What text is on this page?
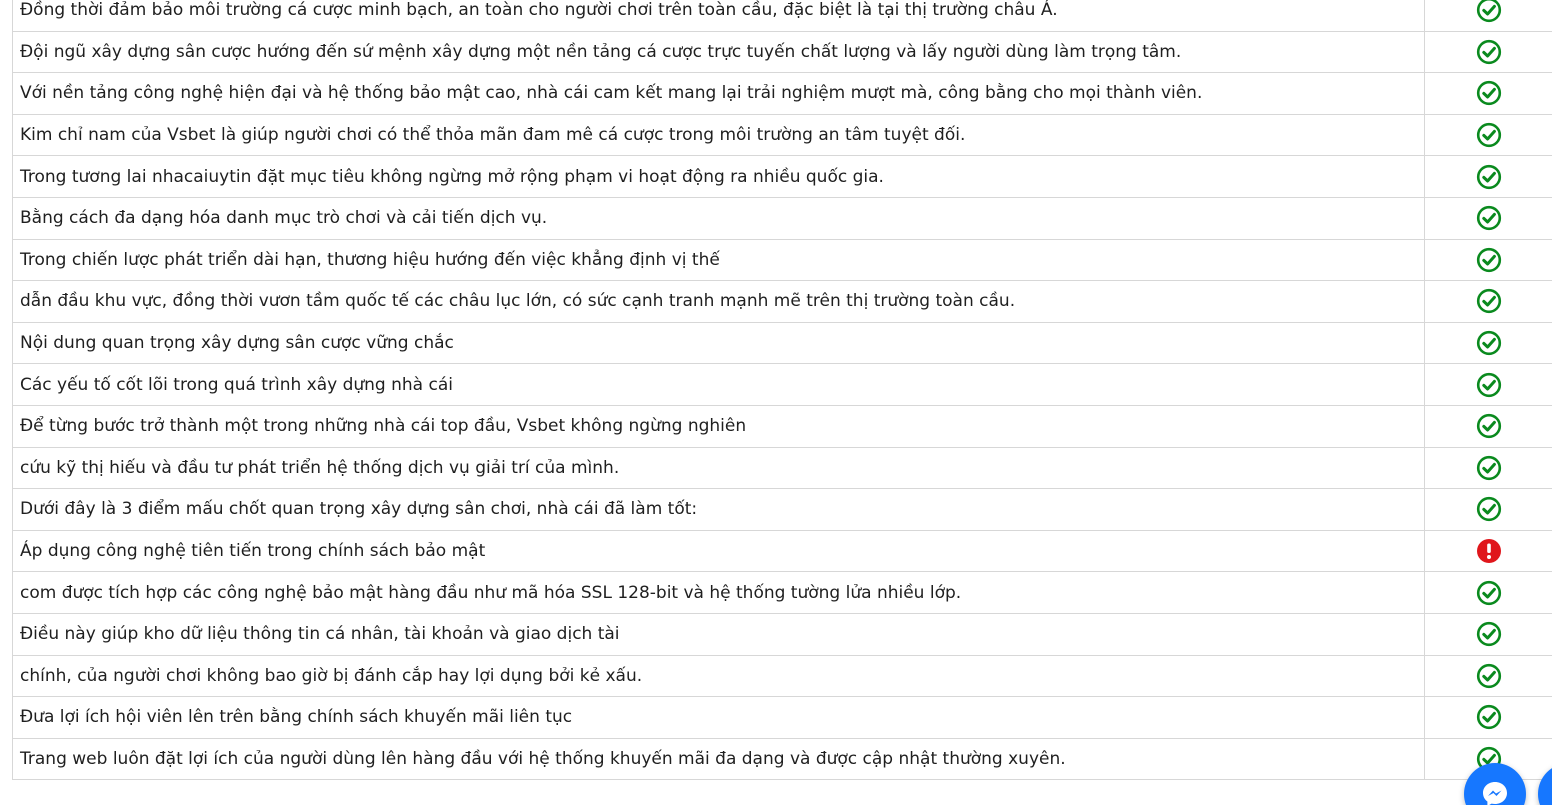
Đồng thời đảm bảo môi trường cá cược minh bạch, an toàn cho người chơi trên toàn cầu, đặc biệt là tại thị trường châu Á.
Đội ngũ xây dựng sân cược hướng đến sứ mệnh xây dựng một nền tảng cá cược trực tuyến chất lượng và lấy người dùng làm trọng tâm.
Với nền tảng công nghệ hiện đại và hệ thống bảo mật cao, nhà cái cam kết mang lại trải nghiệm mượt mà, công bằng cho mọi thành viên.
Kim chỉ nam của Vsbet là giúp người chơi có thể thỏa mãn đam mê cá cược trong môi trường an tâm tuyệt đối.
Trong tương lai nhacaiuytin đặt mục tiêu không ngừng mở rộng phạm vi hoạt động ra nhiều quốc gia.
Bằng cách đa dạng hóa danh mục trò chơi và cải tiến dịch vụ.
Trong chiến lược phát triển dài hạn, thương hiệu hướng đến việc khẳng định vị thế
dẫn đầu khu vực, đồng thời vươn tầm quốc tế các châu lục lớn, có sức cạnh tranh mạnh mẽ trên thị trường toàn cầu.
Nội dung quan trọng xây dựng sân cược vững chắc
Các yếu tố cốt lõi trong quá trình xây dựng nhà cái
Để từng bước trở thành một trong những nhà cái top đầu, Vsbet không ngừng nghiên
cứu kỹ thị hiếu và đầu tư phát triển hệ thống dịch vụ giải trí của mình.
Dưới đây là 3 điểm mấu chốt quan trọng xây dựng sân chơi, nhà cái đã làm tốt:
Áp dụng công nghệ tiên tiến trong chính sách bảo mật
com được tích hợp các công nghệ bảo mật hàng đầu như mã hóa SSL 128-bit và hệ thống tường lửa nhiều lớp.
Điều này giúp kho dữ liệu thông tin cá nhân, tài khoản và giao dịch tài
chính, của người chơi không bao giờ bị đánh cắp hay lợi dụng bởi kẻ xấu.
Đưa lợi ích hội viên lên trên bằng chính sách khuyến mãi liên tục
Trang web luôn đặt lợi ích của người dùng lên hàng đầu với hệ thống khuyến mãi đa dạng và được cập nhật thường xuyên.
